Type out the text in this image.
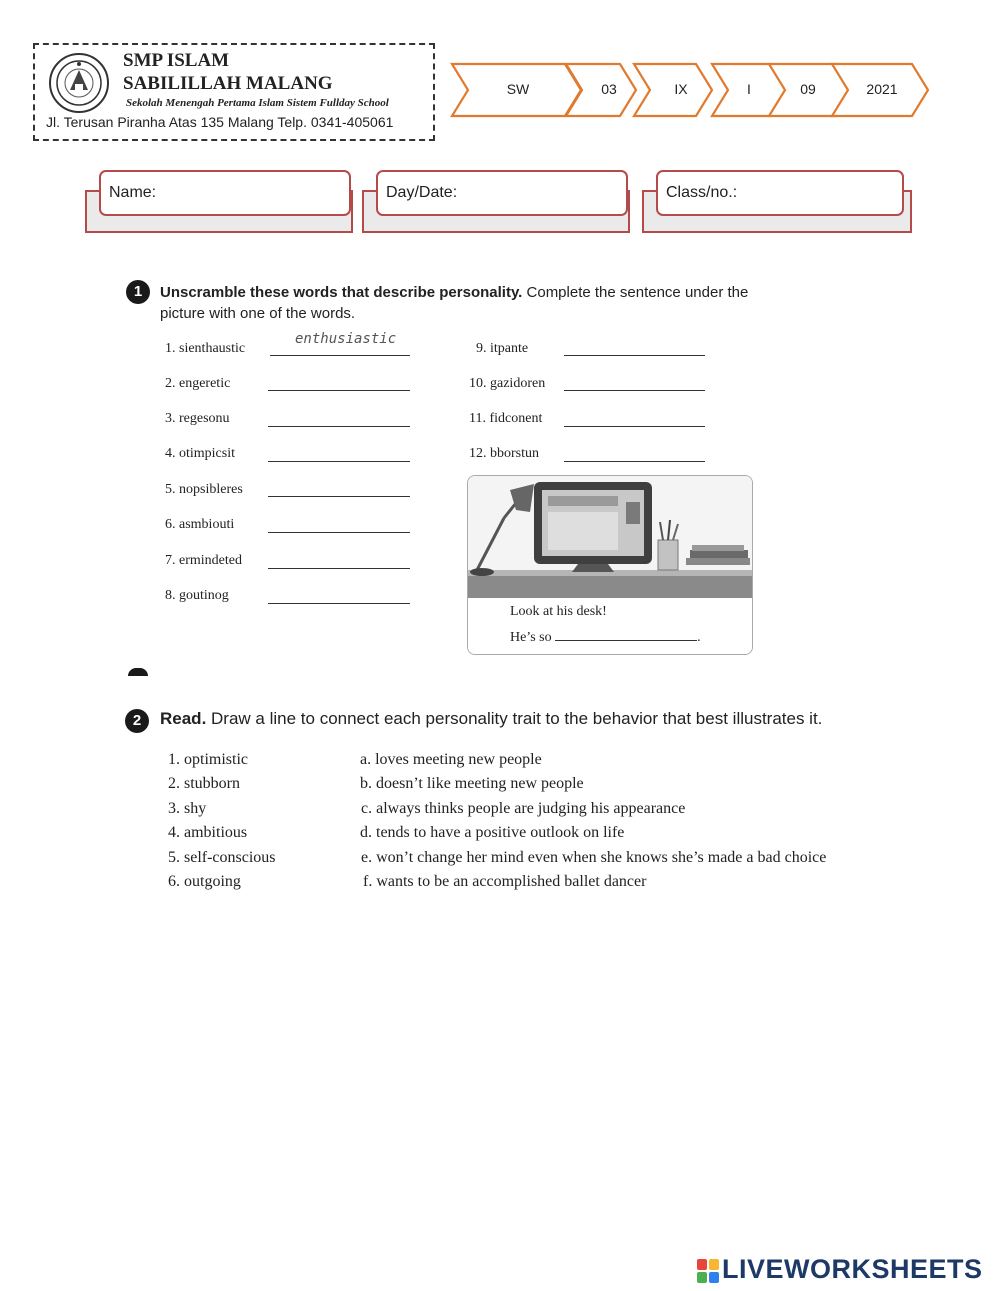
SMP ISLAM
SABILILLAH MALANG
Sekolah Menengah Pertama Islam Sistem Fullday School
Jl. Terusan Piranha Atas 135 Malang Telp. 0341-405061
SW	03	IX	I	09	2021
Name:	Day/Date:	Class/no.:
1	Unscramble these words that describe personality. Complete the sentence under the picture with one of the words.
1. sienthaustic
enthusiastic
2. engeretic
3. regesonu
4. otimpicsit
5. nopsibleres
6. asmbiouti
7. ermindeted
8. goutinog
9. itpante
10. gazidoren
11. fidconent
12. bborstun
Look at his desk!
He’s so	.
2	Read. Draw a line to connect each personality trait to the behavior that best illustrates it.
1. optimistic
2. stubborn
3. shy
4. ambitious
5. self-conscious
6. outgoing
a. loves meeting new people
b. doesn’t like meeting new people
c. always thinks people are judging his appearance
d. tends to have a positive outlook on life
e. won’t change her mind even when she knows she’s made a bad choice
f. wants to be an accomplished ballet dancer
LIVEWORKSHEETS
